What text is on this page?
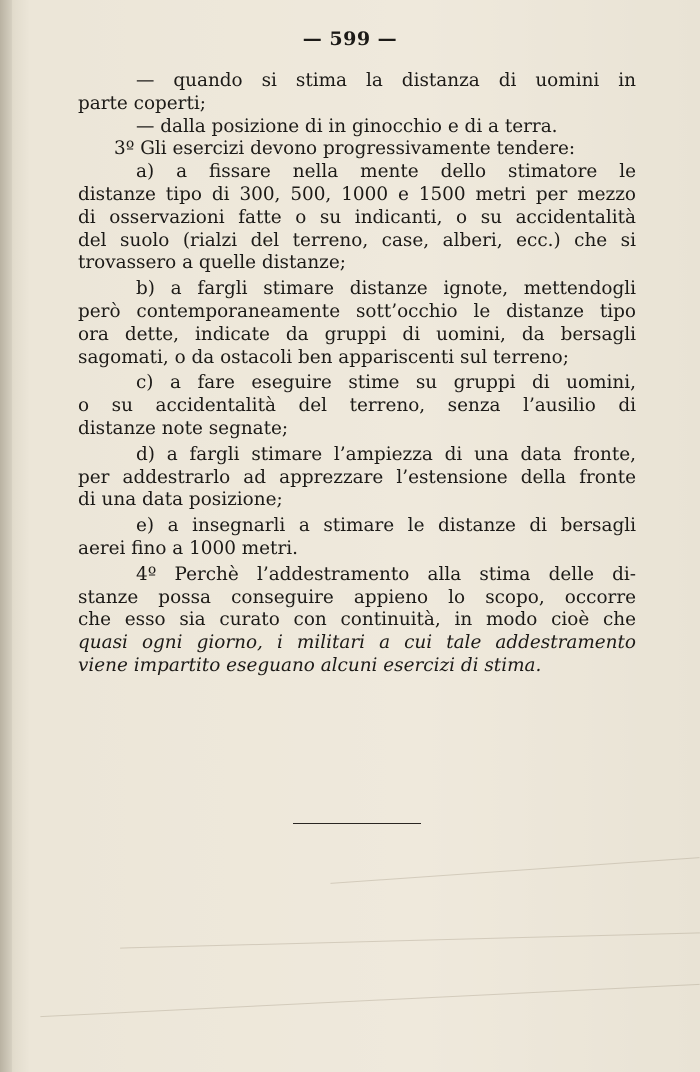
— 599 —
— quando si stima la distanza di uomini in
parte coperti;
— dalla posizione di in ginocchio e di a terra.
3º Gli esercizi devono progressivamente tendere:
a) a fissare nella mente dello stimatore le
distanze tipo di 300, 500, 1000 e 1500 metri per mezzo
di osservazioni fatte o su indicanti, o su accidentalità
del suolo (rialzi del terreno, case, alberi, ecc.) che si
trovassero a quelle distanze;
b) a fargli stimare distanze ignote, mettendogli
però contemporaneamente sott’occhio le distanze tipo
ora dette, indicate da gruppi di uomini, da bersagli
sagomati, o da ostacoli ben appariscenti sul terreno;
c) a fare eseguire stime su gruppi di uomini,
o su accidentalità del terreno, senza l’ausilio di
distanze note segnate;
d) a fargli stimare l’ampiezza di una data fronte,
per addestrarlo ad apprezzare l’estensione della fronte
di una data posizione;
e) a insegnarli a stimare le distanze di bersagli
aerei fino a 1000 metri.
4º Perchè l’addestramento alla stima delle di-
stanze possa conseguire appieno lo scopo, occorre
che esso sia curato con continuità, in modo cioè che
quasi ogni giorno, i militari a cui tale addestramento
viene impartito eseguano alcuni esercizi di stima.
